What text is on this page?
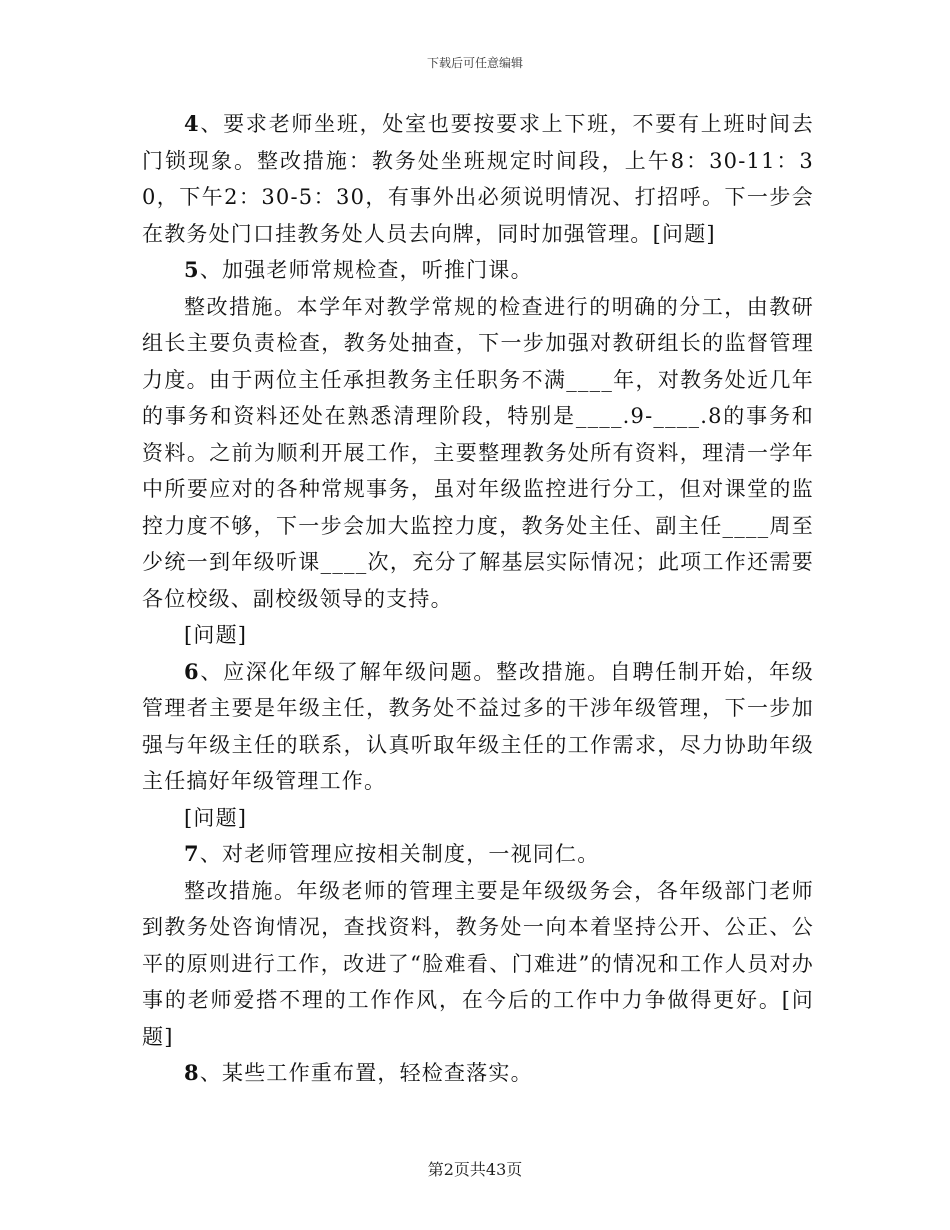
下载后可任意编辑

4、要求老师坐班，处室也要按要求上下班，不要有上班时间去门锁现象。整改措施：教务处坐班规定时间段，上午8：30-11：30，下午2：30-5：30，有事外出必须说明情况、打招呼。下一步会在教务处门口挂教务处人员去向牌，同时加强管理。[问题]

5、加强老师常规检查，听推门课。

整改措施。本学年对教学常规的检查进行的明确的分工，由教研组长主要负责检查，教务处抽查，下一步加强对教研组长的监督管理力度。由于两位主任承担教务主任职务不满____年，对教务处近几年的事务和资料还处在熟悉清理阶段，特别是____.9-____.8的事务和资料。之前为顺利开展工作，主要整理教务处所有资料，理清一学年中所要应对的各种常规事务，虽对年级监控进行分工，但对课堂的监控力度不够，下一步会加大监控力度，教务处主任、副主任____周至少统一到年级听课____次，充分了解基层实际情况；此项工作还需要各位校级、副校级领导的支持。

[问题]

6、应深化年级了解年级问题。整改措施。自聘任制开始，年级管理者主要是年级主任，教务处不益过多的干涉年级管理，下一步加强与年级主任的联系，认真听取年级主任的工作需求，尽力协助年级主任搞好年级管理工作。

[问题]

7、对老师管理应按相关制度，一视同仁。

整改措施。年级老师的管理主要是年级级务会，各年级部门老师到教务处咨询情况，查找资料，教务处一向本着坚持公开、公正、公平的原则进行工作，改进了“脸难看、门难进”的情况和工作人员对办事的老师爱搭不理的工作作风，在今后的工作中力争做得更好。[问题]

8、某些工作重布置，轻检查落实。

第2页共43页
